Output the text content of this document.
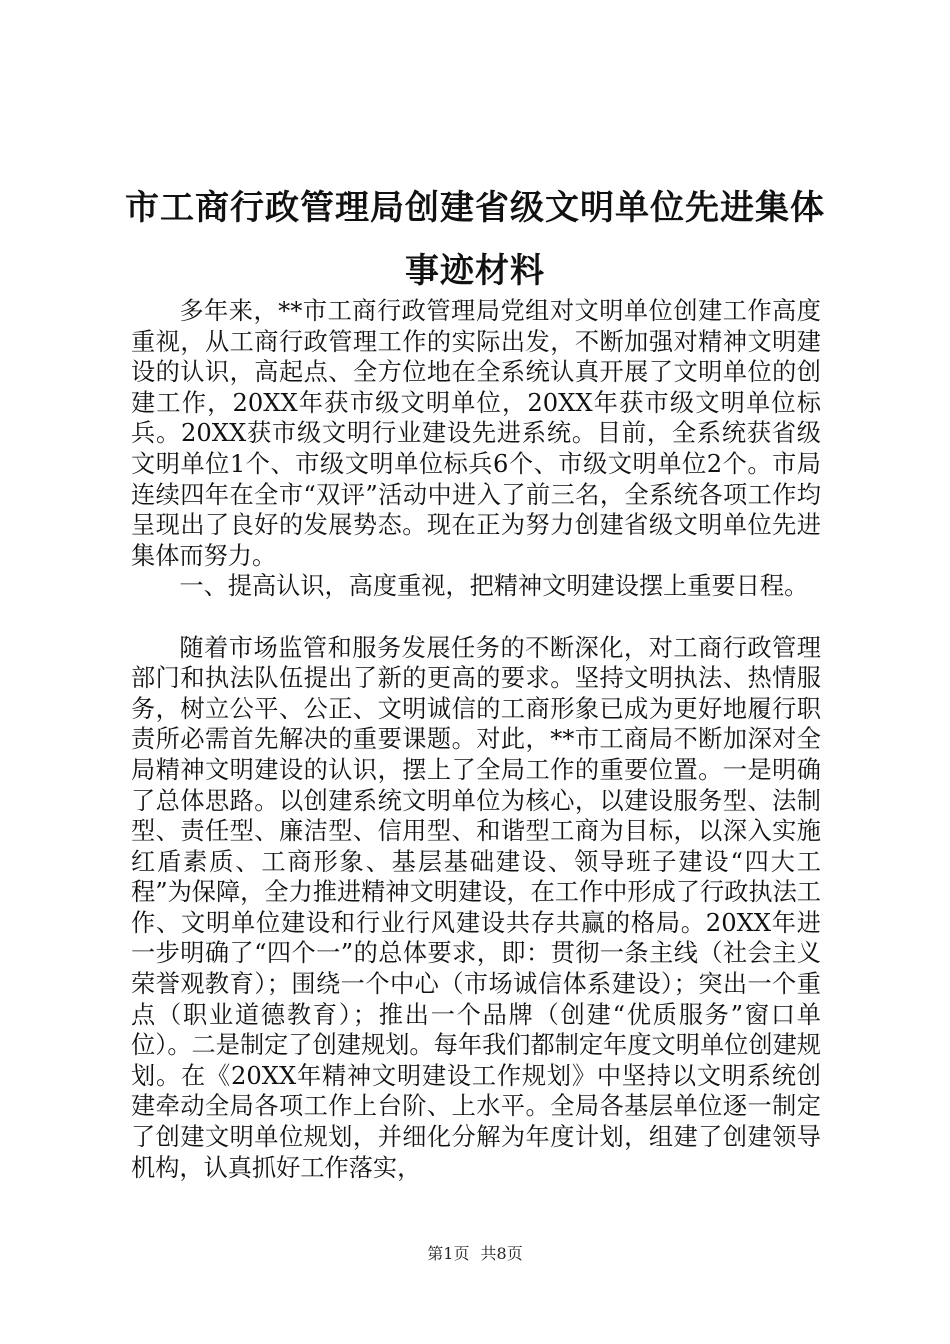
市工商行政管理局创建省级文明单位先进集体
事迹材料

多年来，**市工商行政管理局党组对文明单位创建工作高度重视，从工商行政管理工作的实际出发，不断加强对精神文明建设的认识，高起点、全方位地在全系统认真开展了文明单位的创建工作，20XX年获市级文明单位，20XX年获市级文明单位标兵。20XX获市级文明行业建设先进系统。目前，全系统获省级文明单位1个、市级文明单位标兵6个、市级文明单位2个。市局连续四年在全市“双评”活动中进入了前三名，全系统各项工作均呈现出了良好的发展势态。现在正为努力创建省级文明单位先进集体而努力。

一、提高认识，高度重视，把精神文明建设摆上重要日程。

随着市场监管和服务发展任务的不断深化，对工商行政管理部门和执法队伍提出了新的更高的要求。坚持文明执法、热情服务，树立公平、公正、文明诚信的工商形象已成为更好地履行职责所必需首先解决的重要课题。对此，**市工商局不断加深对全局精神文明建设的认识，摆上了全局工作的重要位置。一是明确了总体思路。以创建系统文明单位为核心，以建设服务型、法制型、责任型、廉洁型、信用型、和谐型工商为目标，以深入实施红盾素质、工商形象、基层基础建设、领导班子建设“四大工程”为保障，全力推进精神文明建设，在工作中形成了行政执法工作、文明单位建设和行业行风建设共存共赢的格局。20XX年进一步明确了“四个一”的总体要求，即：贯彻一条主线（社会主义荣誉观教育）；围绕一个中心（市场诚信体系建设）；突出一个重点（职业道德教育）；推出一个品牌（创建“优质服务”窗口单位）。二是制定了创建规划。每年我们都制定年度文明单位创建规划。在《20XX年精神文明建设工作规划》中坚持以文明系统创建牵动全局各项工作上台阶、上水平。全局各基层单位逐一制定了创建文明单位规划，并细化分解为年度计划，组建了创建领导机构，认真抓好工作落实，

第1页 共8页
